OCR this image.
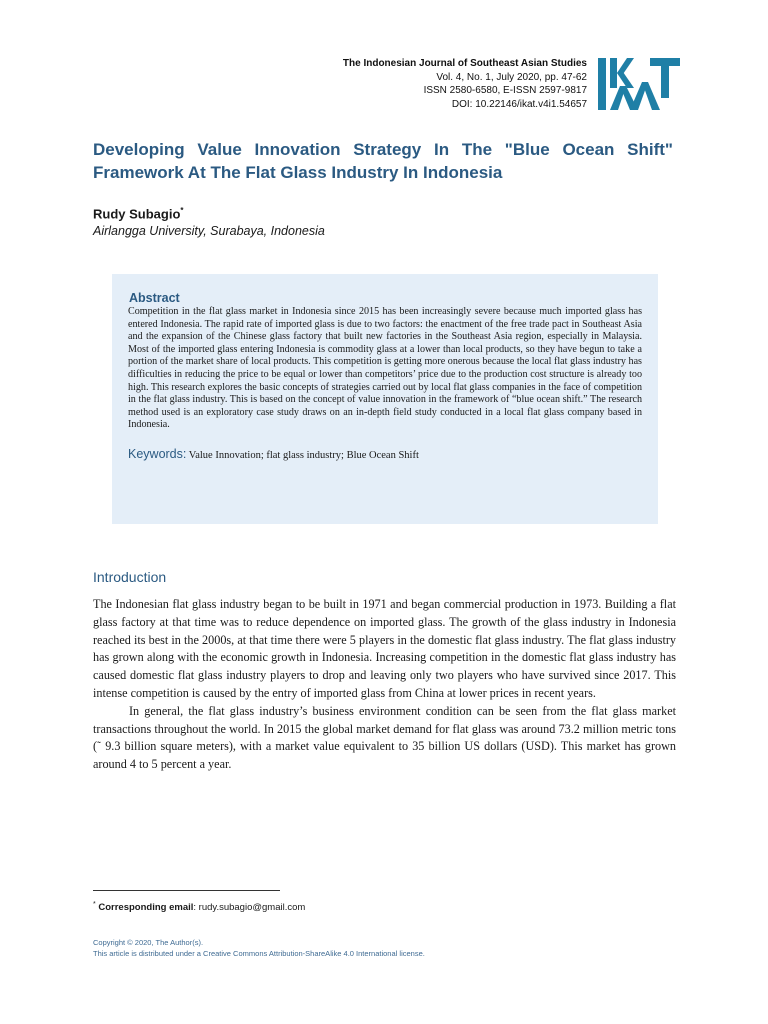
The Indonesian Journal of Southeast Asian Studies
Vol. 4, No. 1, July 2020, pp. 47-62
ISSN 2580-6580, E-ISSN 2597-9817
DOI: 10.22146/ikat.v4i1.54657
Developing Value Innovation Strategy In The "Blue Ocean Shift" Framework At The Flat Glass Industry In Indonesia
Rudy Subagio*
Airlangga University, Surabaya, Indonesia
Abstract

Competition in the flat glass market in Indonesia since 2015 has been increasingly severe because much imported glass has entered Indonesia. The rapid rate of imported glass is due to two factors: the enactment of the free trade pact in Southeast Asia and the expansion of the Chinese glass factory that built new factories in the Southeast Asia region, especially in Malaysia. Most of the imported glass entering Indonesia is commodity glass at a lower than local products, so they have begun to take a portion of the market share of local products. This competition is getting more onerous because the local flat glass industry has difficulties in reducing the price to be equal or lower than competitors’ price due to the production cost structure is already too high. This research explores the basic concepts of strategies carried out by local flat glass companies in the face of competition in the flat glass industry. This is based on the concept of value innovation in the framework of “blue ocean shift.” The research method used is an exploratory case study draws on an in-depth field study conducted in a local flat glass company based in Indonesia.

Keywords: Value Innovation; flat glass industry; Blue Ocean Shift
Introduction

The Indonesian flat glass industry began to be built in 1971 and began commercial production in 1973. Building a flat glass factory at that time was to reduce dependence on imported glass. The growth of the glass industry in Indonesia reached its best in the 2000s, at that time there were 5 players in the domestic flat glass industry. The flat glass industry has grown along with the economic growth in Indonesia. Increasing competition in the domestic flat glass industry has caused domestic flat glass industry players to drop and leaving only two players who have survived since 2017. This intense competition is caused by the entry of imported glass from China at lower prices in recent years.

In general, the flat glass industry’s business environment condition can be seen from the flat glass market transactions throughout the world. In 2015 the global market demand for flat glass was around 73.2 million metric tons (˜ 9.3 billion square meters), with a market value equivalent to 35 billion US dollars (USD). This market has grown around 4 to 5 percent a year.

* Corresponding email: rudy.subagio@gmail.com
Copyright © 2020, The Author(s).
This article is distributed under a Creative Commons Attribution-ShareAlike 4.0 International license.
